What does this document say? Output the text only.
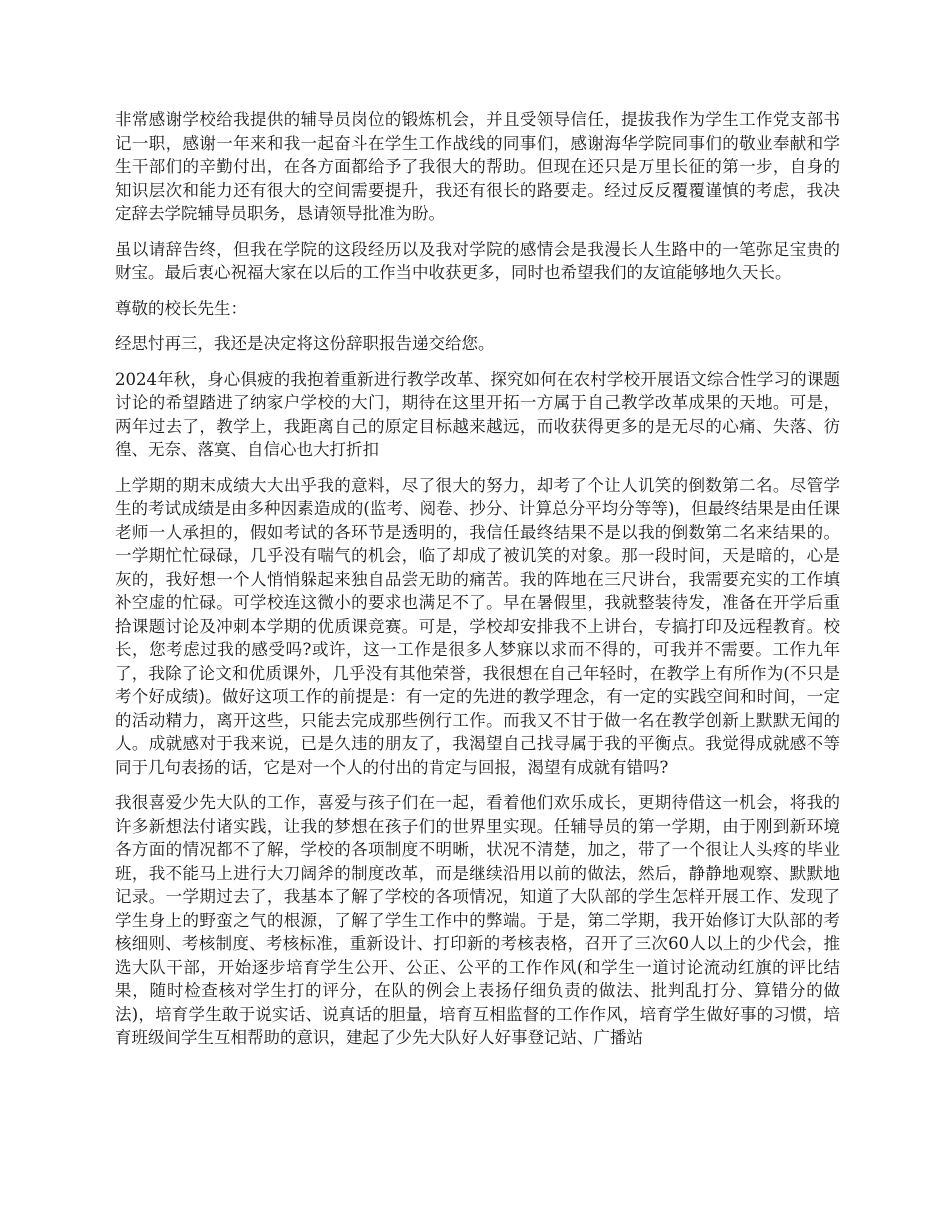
非常感谢学校给我提供的辅导员岗位的锻炼机会，并且受领导信任，提拔我作为学生工作党支部书记一职，感谢一年来和我一起奋斗在学生工作战线的同事们，感谢海华学院同事们的敬业奉献和学生干部们的辛勤付出，在各方面都给予了我很大的帮助。但现在还只是万里长征的第一步，自身的知识层次和能力还有很大的空间需要提升，我还有很长的路要走。经过反反覆覆谨慎的考虑，我决定辞去学院辅导员职务，恳请领导批准为盼。

虽以请辞告终，但我在学院的这段经历以及我对学院的感情会是我漫长人生路中的一笔弥足宝贵的财宝。最后衷心祝福大家在以后的工作当中收获更多，同时也希望我们的友谊能够地久天长。

尊敬的校长先生：

经思忖再三，我还是决定将这份辞职报告递交给您。

2024年秋，身心俱疲的我抱着重新进行教学改革、探究如何在农村学校开展语文综合性学习的课题讨论的希望踏进了纳家户学校的大门，期待在这里开拓一方属于自己教学改革成果的天地。可是，两年过去了，教学上，我距离自己的原定目标越来越远，而收获得更多的是无尽的心痛、失落、彷徨、无奈、落寞、自信心也大打折扣

上学期的期末成绩大大出乎我的意料，尽了很大的努力，却考了个让人讥笑的倒数第二名。尽管学生的考试成绩是由多种因素造成的(监考、阅卷、抄分、计算总分平均分等等)，但最终结果是由任课老师一人承担的，假如考试的各环节是透明的，我信任最终结果不是以我的倒数第二名来结果的。一学期忙忙碌碌，几乎没有喘气的机会，临了却成了被讥笑的对象。那一段时间，天是暗的，心是灰的，我好想一个人悄悄躲起来独自品尝无助的痛苦。我的阵地在三尺讲台，我需要充实的工作填补空虚的忙碌。可学校连这微小的要求也满足不了。早在暑假里，我就整装待发，准备在开学后重拾课题讨论及冲刺本学期的优质课竞赛。可是，学校却安排我不上讲台，专搞打印及远程教育。校长，您考虑过我的感受吗?或许，这一工作是很多人梦寐以求而不得的，可我并不需要。工作九年了，我除了论文和优质课外，几乎没有其他荣誉，我很想在自己年轻时，在教学上有所作为(不只是考个好成绩)。做好这项工作的前提是：有一定的先进的教学理念，有一定的实践空间和时间，一定的活动精力，离开这些，只能去完成那些例行工作。而我又不甘于做一名在教学创新上默默无闻的人。成就感对于我来说，已是久违的朋友了，我渴望自己找寻属于我的平衡点。我觉得成就感不等同于几句表扬的话，它是对一个人的付出的肯定与回报，渴望有成就有错吗?

我很喜爱少先大队的工作，喜爱与孩子们在一起，看着他们欢乐成长，更期待借这一机会，将我的许多新想法付诸实践，让我的梦想在孩子们的世界里实现。任辅导员的第一学期，由于刚到新环境各方面的情况都不了解，学校的各项制度不明晰，状况不清楚，加之，带了一个很让人头疼的毕业班，我不能马上进行大刀阔斧的制度改革，而是继续沿用以前的做法，然后，静静地观察、默默地记录。一学期过去了，我基本了解了学校的各项情况，知道了大队部的学生怎样开展工作、发现了学生身上的野蛮之气的根源，了解了学生工作中的弊端。于是，第二学期，我开始修订大队部的考核细则、考核制度、考核标准，重新设计、打印新的考核表格，召开了三次60人以上的少代会，推选大队干部，开始逐步培育学生公开、公正、公平的工作作风(和学生一道讨论流动红旗的评比结果，随时检查核对学生打的评分，在队的例会上表扬仔细负责的做法、批判乱打分、算错分的做法)，培育学生敢于说实话、说真话的胆量，培育互相监督的工作作风，培育学生做好事的习惯，培育班级间学生互相帮助的意识，建起了少先大队好人好事登记站、广播站
